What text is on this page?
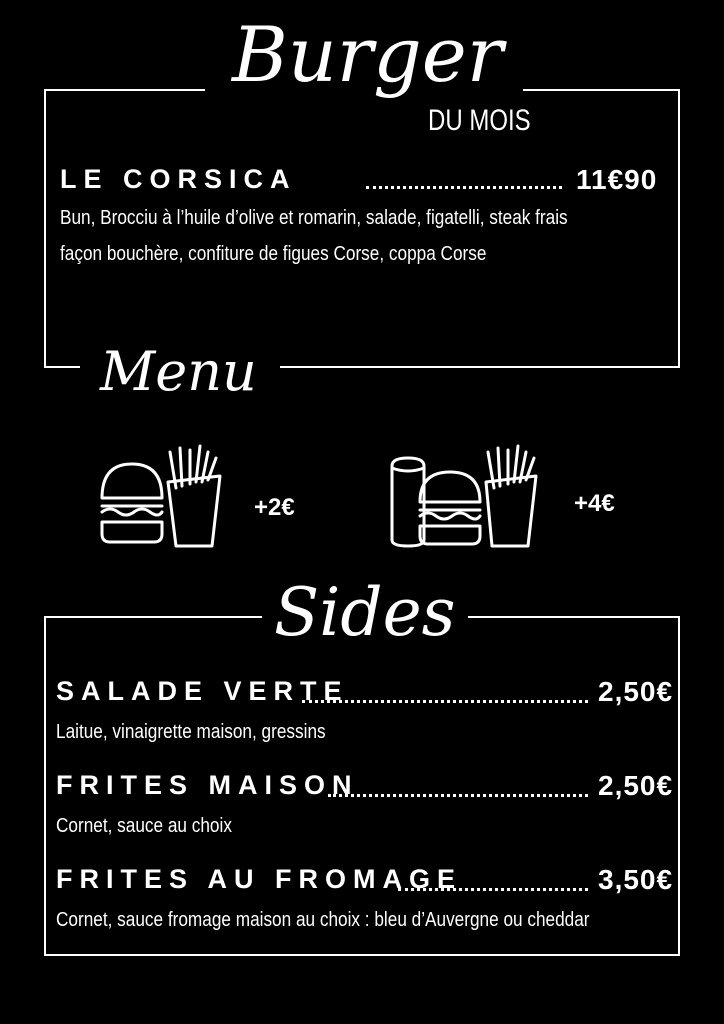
Burger
DU MOIS
LE CORSICA	11€90
Bun, Brocciu à l’huile d’olive et romarin, salade, figatelli, steak frais
façon bouchère, confiture de figues Corse, coppa Corse
Menu
+2€	+4€
Sides
SALADE VERTE	2,50€
Laitue, vinaigrette maison, gressins
FRITES MAISON	2,50€
Cornet, sauce au choix
FRITES AU FROMAGE	3,50€
Cornet, sauce fromage maison au choix : bleu d’Auvergne ou cheddar
